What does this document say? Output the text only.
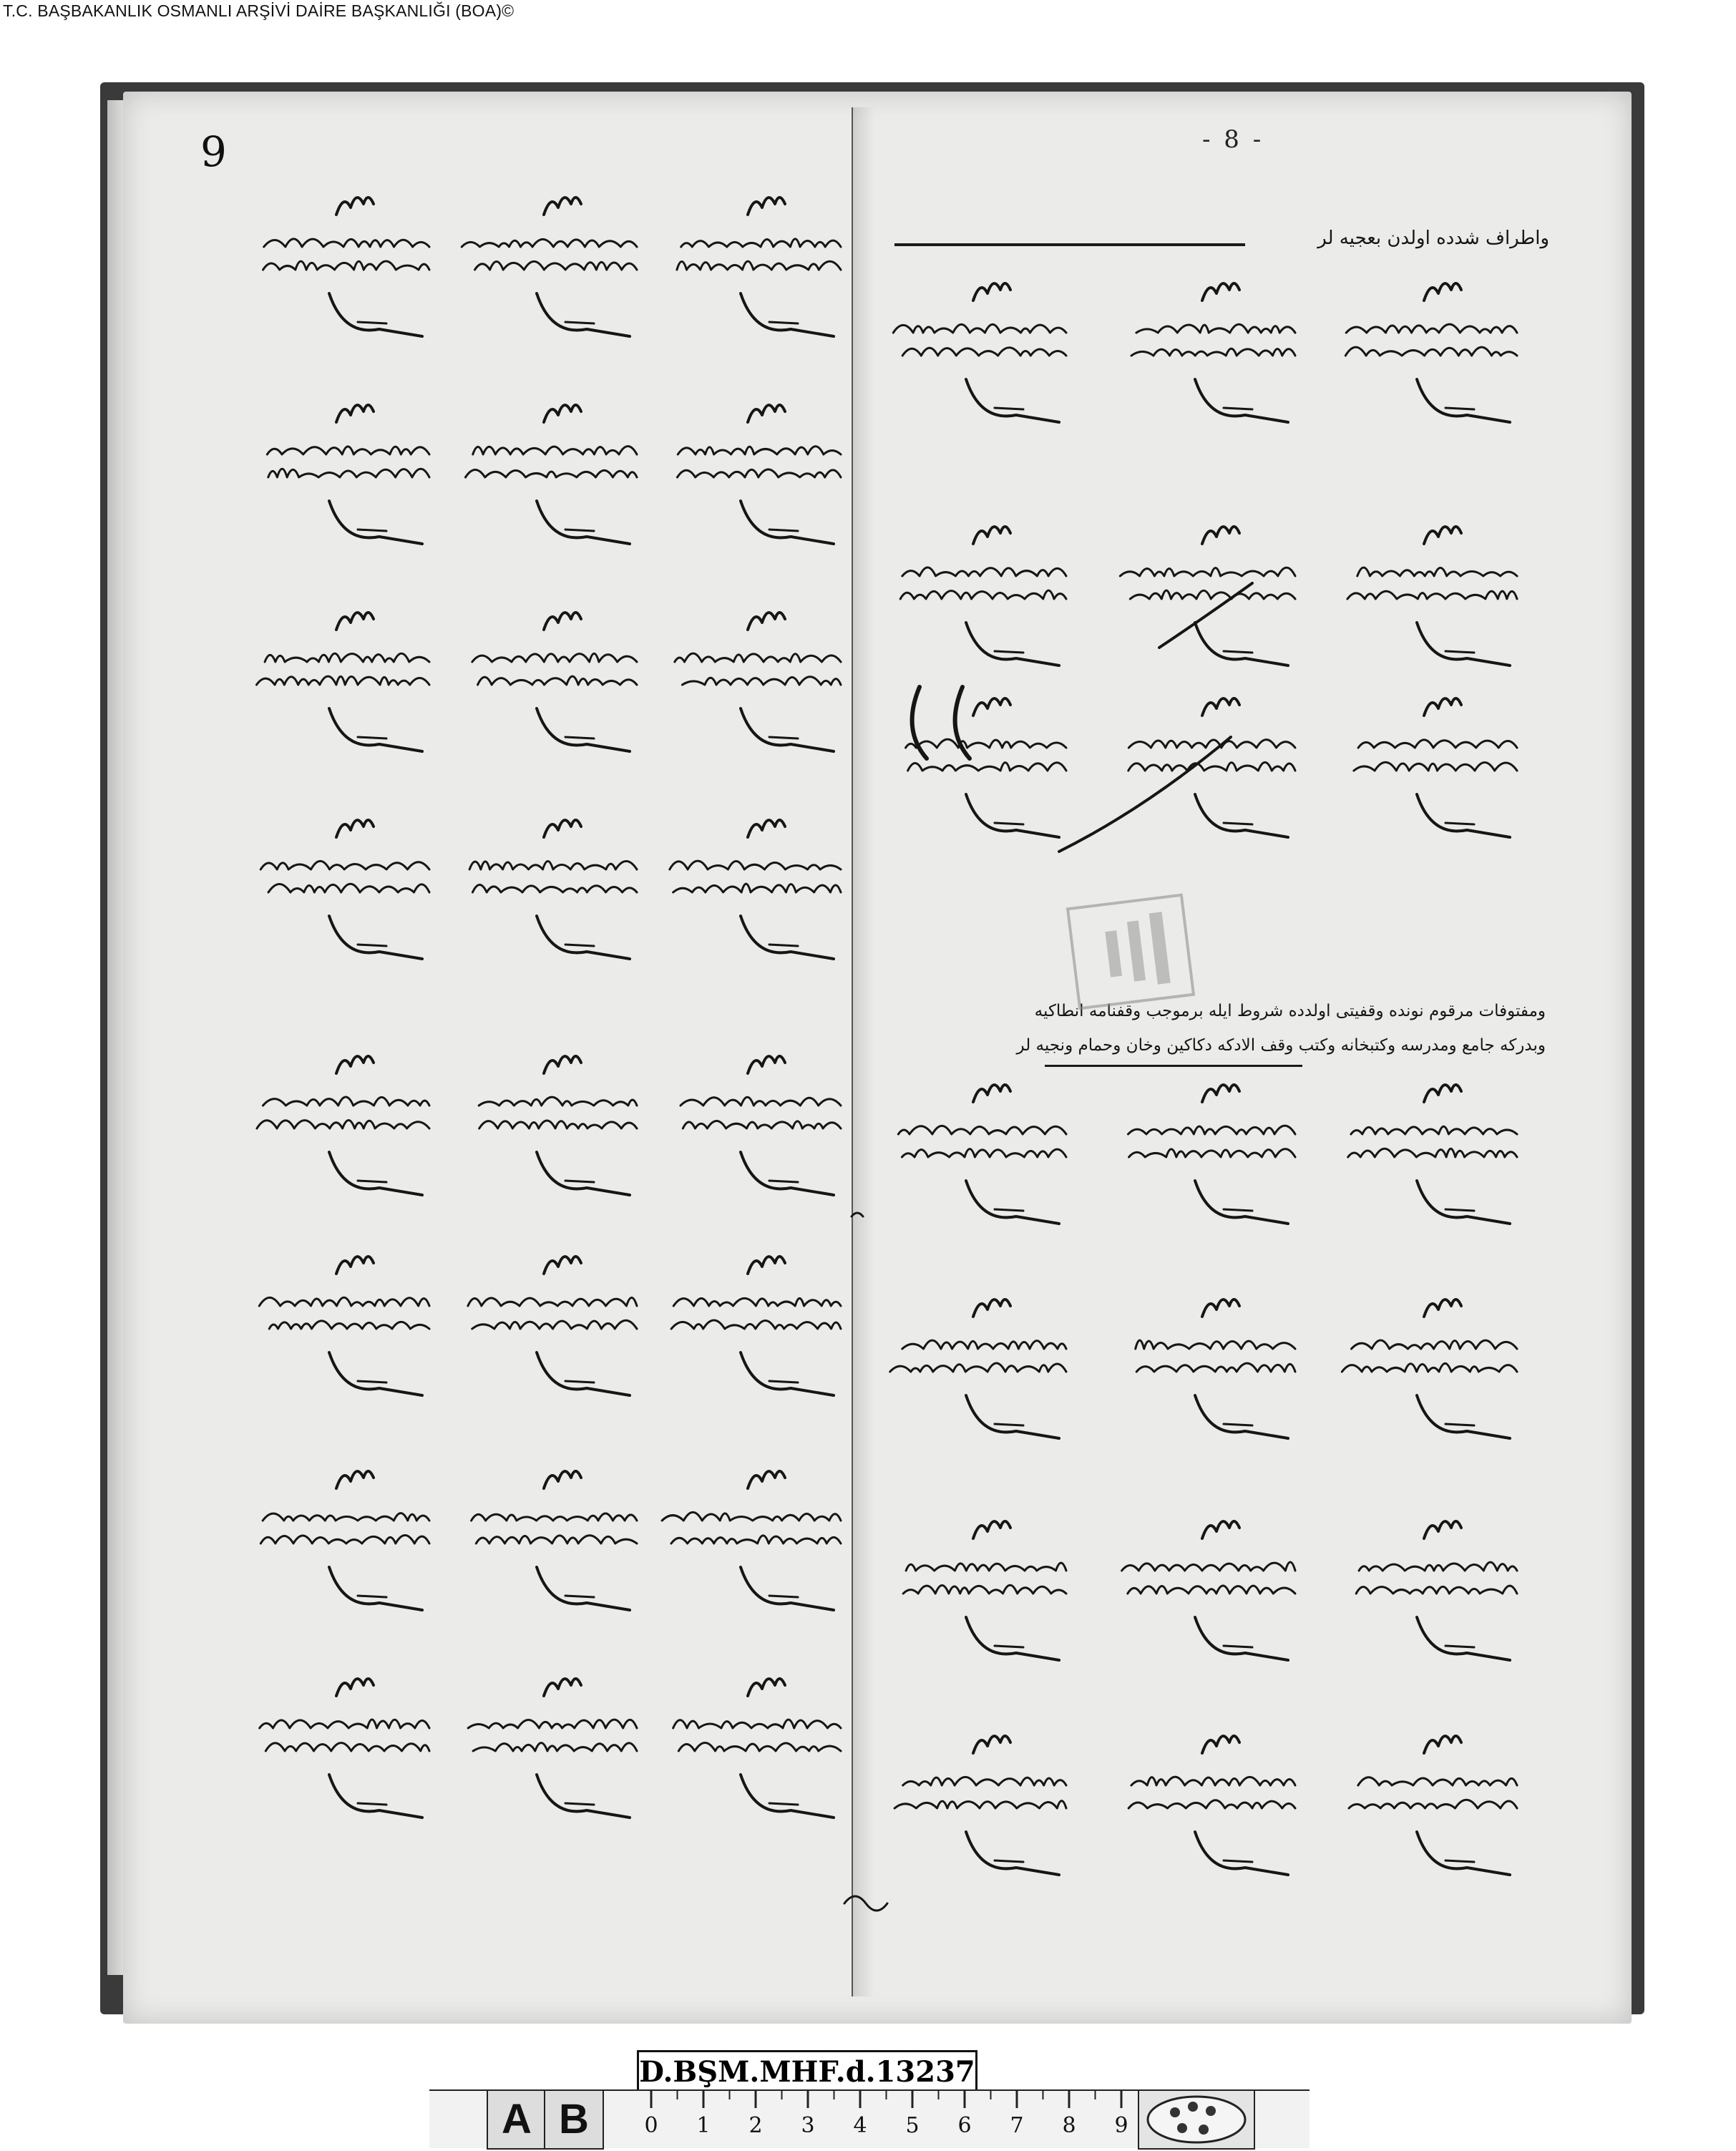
T.C. BAŞBAKANLIK OSMANLI ARŞİVİ DAİRE BAŞKANLIĞI (BOA)©
9	- 8 -
واطراف شدده اولدن بعجیه لر
ومفتوفات مرقوم نونده وقفیتی اولدده شروط ایله برموجب وقفنامه انطاکیه
وبدرکه جامع ومدرسه وکتبخانه وکتب وقف الادکه دکاکین وخان وحمام ونجیه لر
D.BŞM.MHF.d.13237
0 1 2 3 4 5 6 7 8 9
A B
